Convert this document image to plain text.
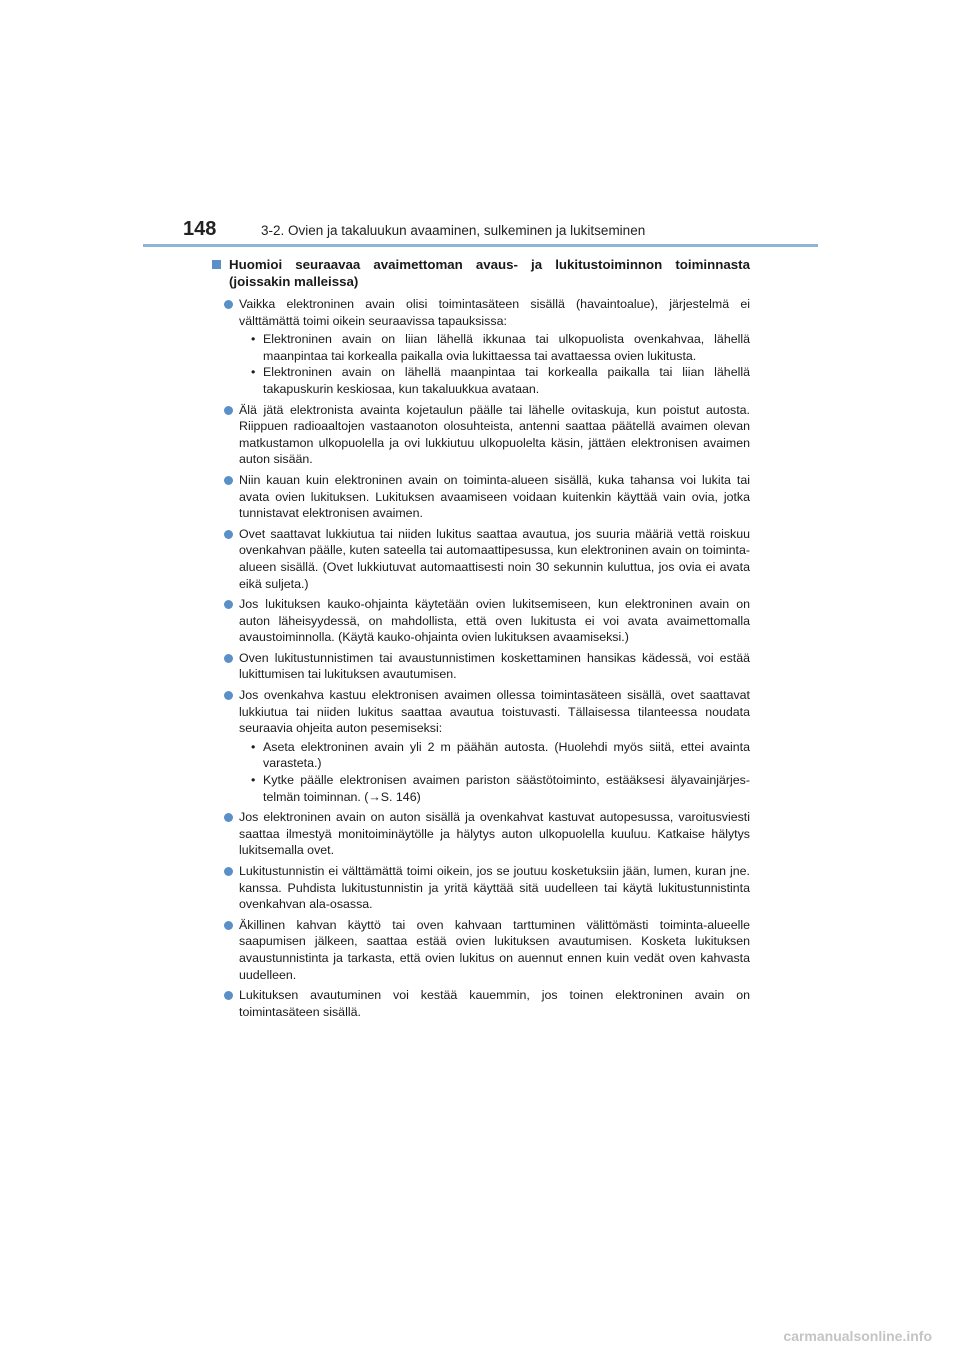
148	3-2. Ovien ja takaluukun avaaminen, sulkeminen ja lukitseminen
Huomioi seuraavaa avaimettoman avaus- ja lukitustoiminnon toiminnasta (joissakin malleissa)
Vaikka elektroninen avain olisi toimintasäteen sisällä (havaintoalue), järjestelmä ei välttämättä toimi oikein seuraavissa tapauksissa:
• Elektroninen avain on liian lähellä ikkunaa tai ulkopuolista ovenkahvaa, lähellä maanpintaa tai korkealla paikalla ovia lukittaessa tai avattaessa ovien lukitusta.
• Elektroninen avain on lähellä maanpintaa tai korkealla paikalla tai liian lähellä takapuskurin keskiosaa, kun takaluukkua avataan.
Älä jätä elektronista avainta kojetaulun päälle tai lähelle ovitaskuja, kun poistut autosta. Riippuen radioaaltojen vastaanoton olosuhteista, antenni saattaa päätellä avaimen olevan matkustamon ulkopuolella ja ovi lukkiutuu ulkopuolelta käsin, jättäen elektronisen avaimen auton sisään.
Niin kauan kuin elektroninen avain on toiminta-alueen sisällä, kuka tahansa voi lukita tai avata ovien lukituksen. Lukituksen avaamiseen voidaan kuitenkin käyttää vain ovia, jotka tunnistavat elektronisen avaimen.
Ovet saattavat lukkiutua tai niiden lukitus saattaa avautua, jos suuria määriä vettä roiskuu ovenkahvan päälle, kuten sateella tai automaattipesussa, kun elektroninen avain on toiminta-alueen sisällä. (Ovet lukkiutuvat automaattisesti noin 30 sekunnin kuluttua, jos ovia ei avata eikä suljeta.)
Jos lukituksen kauko-ohjainta käytetään ovien lukitsemiseen, kun elektroninen avain on auton läheisyydessä, on mahdollista, että oven lukitusta ei voi avata avaimettomalla avaustoiminnolla. (Käytä kauko-ohjainta ovien lukituksen avaamiseksi.)
Oven lukitustunnistimen tai avaustunnistimen koskettaminen hansikas kädessä, voi estää lukittumisen tai lukituksen avautumisen.
Jos ovenkahva kastuu elektronisen avaimen ollessa toimintasäteen sisällä, ovet saattavat lukkiutua tai niiden lukitus saattaa avautua toistuvasti. Tällaisessa tilanteessa noudata seuraavia ohjeita auton pesemiseksi:
• Aseta elektroninen avain yli 2 m päähän autosta. (Huolehdi myös siitä, ettei avainta varasteta.)
• Kytke päälle elektronisen avaimen pariston säästötoiminto, estääksesi älyavainjärjes-telmän toiminnan. (→S. 146)
Jos elektroninen avain on auton sisällä ja ovenkahvat kastuvat autopesussa, varoitusviesti saattaa ilmestyä monitoiminäytölle ja hälytys auton ulkopuolella kuuluu. Katkaise hälytys lukitsemalla ovet.
Lukitustunnistin ei välttämättä toimi oikein, jos se joutuu kosketuksiin jään, lumen, kuran jne. kanssa. Puhdista lukitustunnistin ja yritä käyttää sitä uudelleen tai käytä lukitustunnistinta ovenkahvan ala-osassa.
Äkillinen kahvan käyttö tai oven kahvaan tarttuminen välittömästi toiminta-alueelle saapumisen jälkeen, saattaa estää ovien lukituksen avautumisen. Kosketa lukituksen avaustunnistinta ja tarkasta, että ovien lukitus on auennut ennen kuin vedät oven kahvasta uudelleen.
Lukituksen avautuminen voi kestää kauemmin, jos toinen elektroninen avain on toimintasäteen sisällä.
carmanualsonline.info
